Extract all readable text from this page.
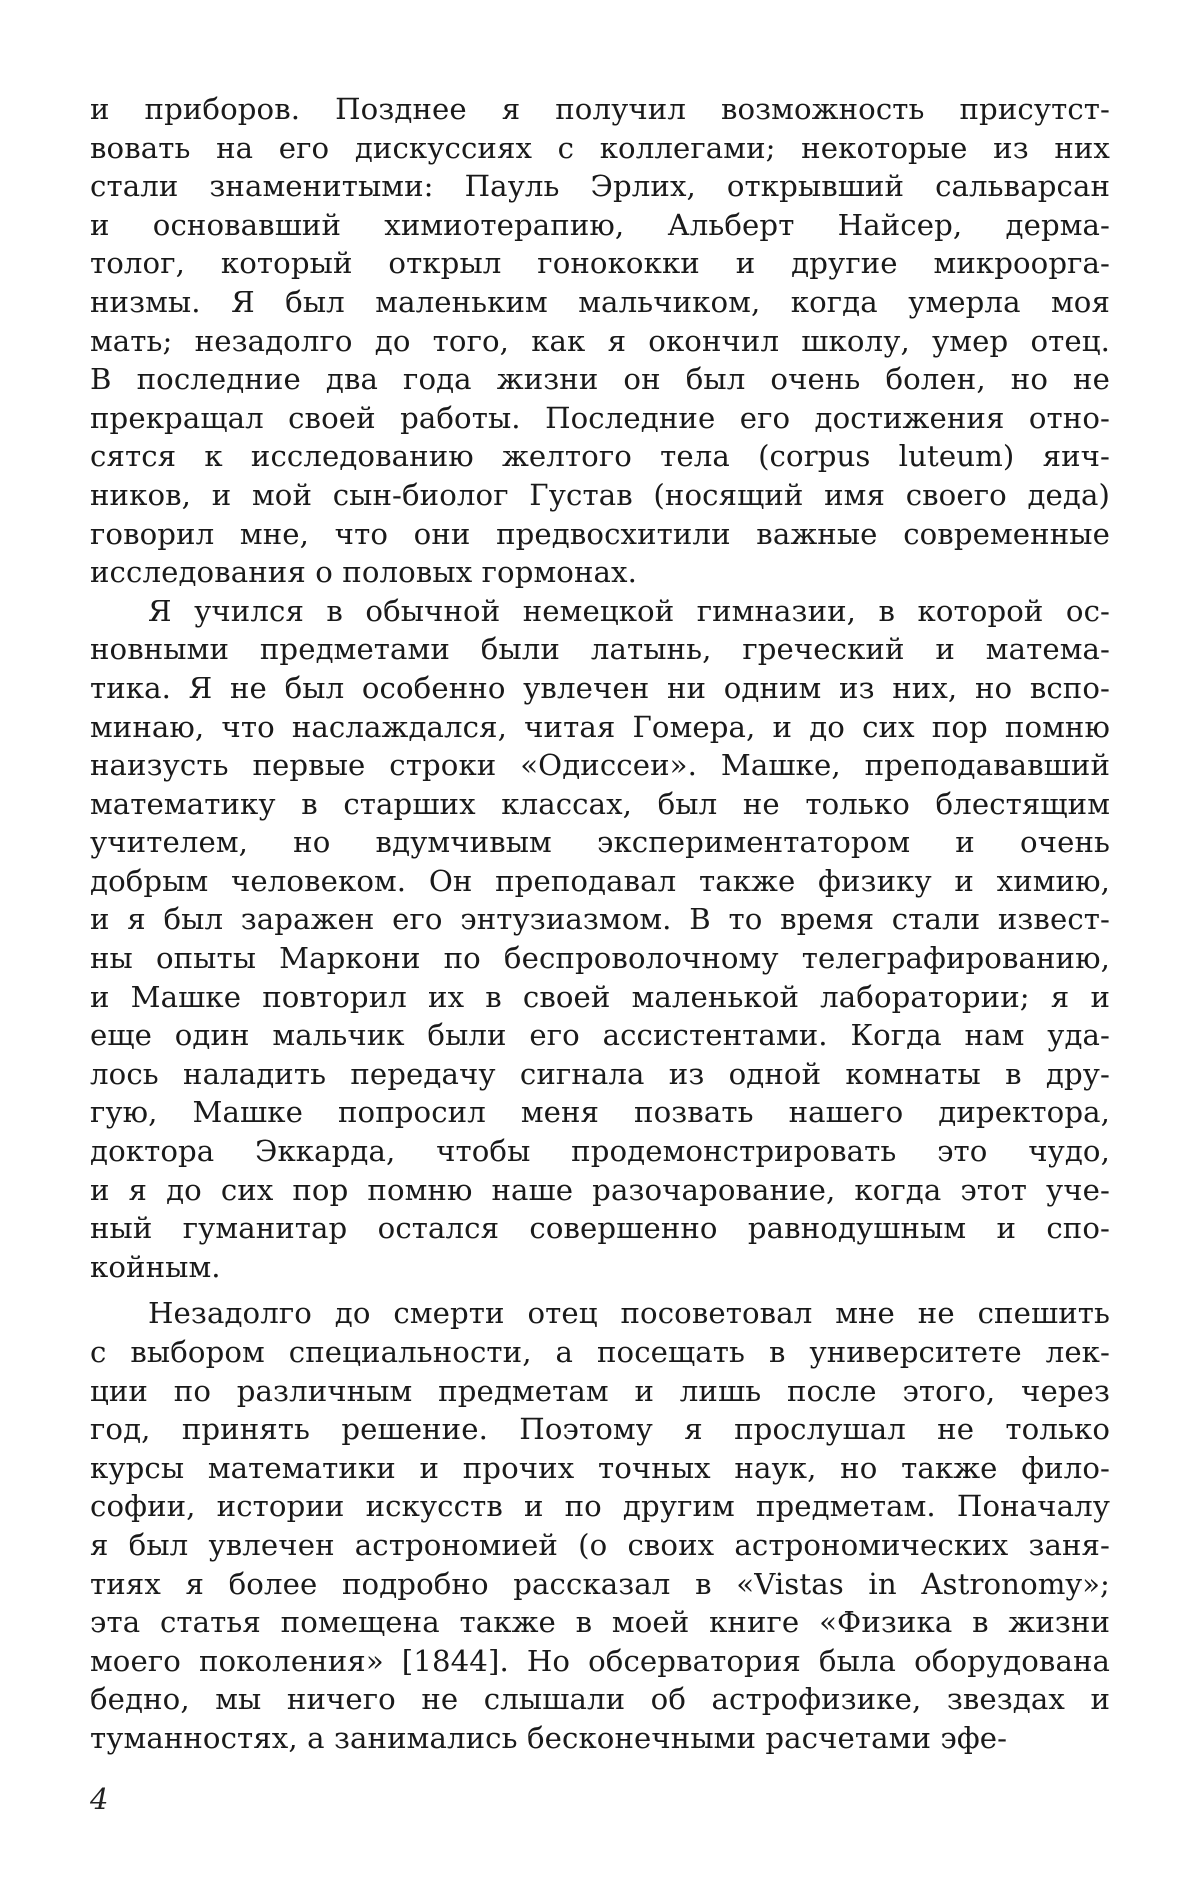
и приборов. Позднее я получил возможность присутст-
вовать на его дискуссиях с коллегами; некоторые из них
стали знаменитыми: Пауль Эрлих, открывший сальварсан
и основавший химиотерапию, Альберт Найсер, дерма-
толог, который открыл гонококки и другие микроорга-
низмы. Я был маленьким мальчиком, когда умерла моя
мать; незадолго до того, как я окончил школу, умер отец.
В последние два года жизни он был очень болен, но не
прекращал своей работы. Последние его достижения отно-
сятся к исследованию желтого тела (corpus luteum) яич-
ников, и мой сын-биолог Густав (носящий имя своего деда)
говорил мне, что они предвосхитили важные современные
исследования о половых гормонах.

Я учился в обычной немецкой гимназии, в которой ос-
новными предметами были латынь, греческий и матема-
тика. Я не был особенно увлечен ни одним из них, но вспо-
минаю, что наслаждался, читая Гомера, и до сих пор помню
наизусть первые строки «Одиссеи». Машке, преподававший
математику в старших классах, был не только блестящим
учителем, но вдумчивым экспериментатором и очень
добрым человеком. Он преподавал также физику и химию,
и я был заражен его энтузиазмом. В то время стали извест-
ны опыты Маркони по беспроволочному телеграфированию,
и Машке повторил их в своей маленькой лаборатории; я и
еще один мальчик были его ассистентами. Когда нам уда-
лось наладить передачу сигнала из одной комнаты в дру-
гую, Машке попросил меня позвать нашего директора,
доктора Эккарда, чтобы продемонстрировать это чудо,
и я до сих пор помню наше разочарование, когда этот уче-
ный гуманитар остался совершенно равнодушным и спо-
койным.

Незадолго до смерти отец посоветовал мне не спешить
с выбором специальности, а посещать в университете лек-
ции по различным предметам и лишь после этого, через
год, принять решение. Поэтому я прослушал не только
курсы математики и прочих точных наук, но также фило-
софии, истории искусств и по другим предметам. Поначалу
я был увлечен астрономией (о своих астрономических заня-
тиях я более подробно рассказал в «Vistas in Astronomy»;
эта статья помещена также в моей книге «Физика в жизни
моего поколения» [1844]. Но обсерватория была оборудована
бедно, мы ничего не слышали об астрофизике, звездах и
туманностях, а занимались бесконечными расчетами эфе-

4
